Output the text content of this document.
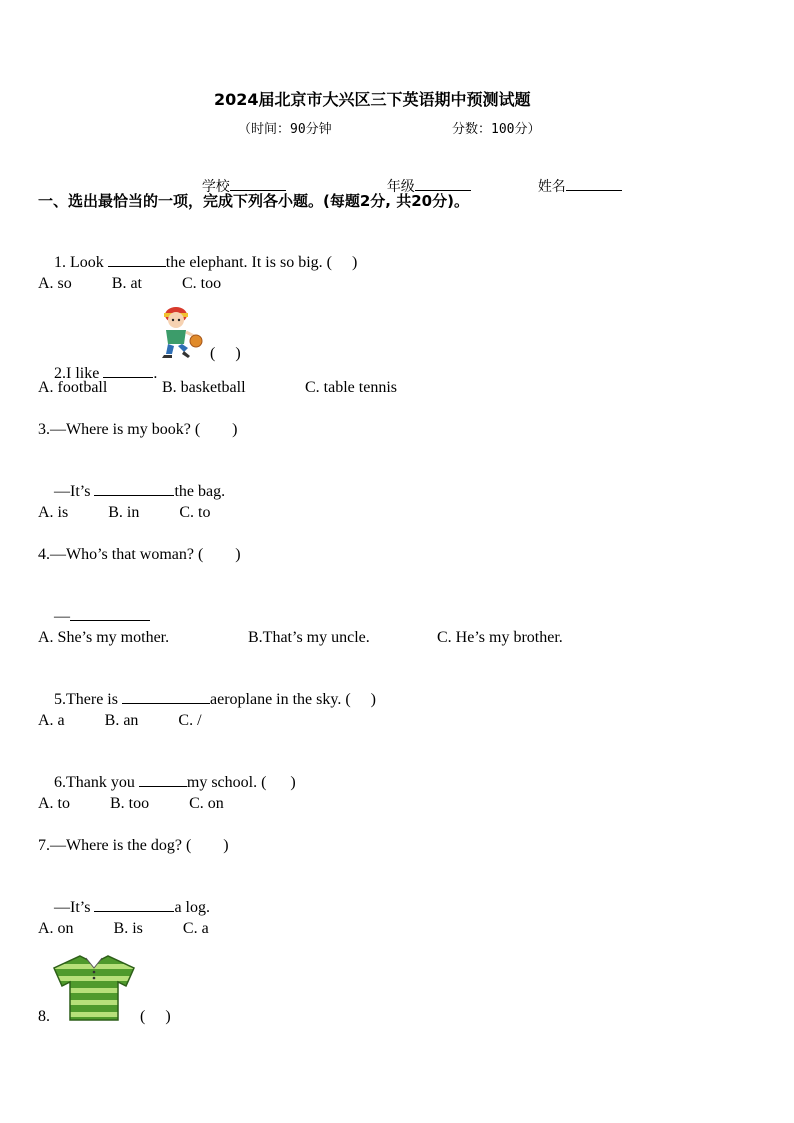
2024届北京市大兴区三下英语期中预测试题
（时间：90分钟	分数：100分）

学校
	年级
	姓名

一、选出最恰当的一项，完成下列各小题。(每题2分, 共20分)。

1. Look	the elephant. It is so big. (     )

A. so          B. at          C. too

2.I like	.

(     )
A. football	B. basketball	C. table tennis
3.—Where is my book? (        )

—It’s	the bag.

A. is          B. in          C. to
4.—Who’s that woman? (        )

—

A. She’s my mother.	B.That’s my uncle.	C. He’s my brother.

5.There is	aeroplane in the sky. (     )

A. a          B. an          C. /

6.Thank you	my school. (      )

A. to          B. too          C. on
7.—Where is the dog? (        )

—It’s	a log.

A. on          B. is          C. a
8.	(     )
